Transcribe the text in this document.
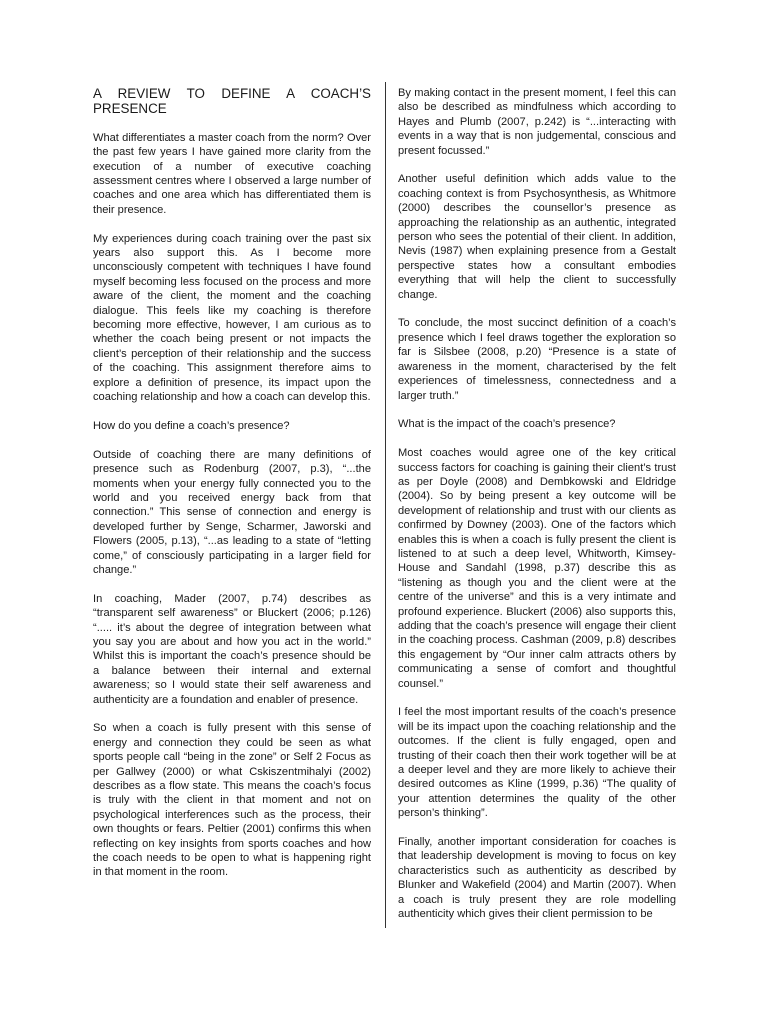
A REVIEW TO DEFINE A COACH’S
PRESENCE

What differentiates a master coach from the norm? Over the past few years I have gained more clarity from the execution of a number of executive coaching assessment centres where I observed a large number of coaches and one area which has differentiated them is their presence.

My experiences during coach training over the past six years also support this. As I become more unconsciously competent with techniques I have found myself becoming less focused on the process and more aware of the client, the moment and the coaching dialogue. This feels like my coaching is therefore becoming more effective, however, I am curious as to whether the coach being present or not impacts the client’s perception of their relationship and the success of the coaching. This assignment therefore aims to explore a definition of presence, its impact upon the coaching relationship and how a coach can develop this.

How do you define a coach’s presence?

Outside of coaching there are many definitions of presence such as Rodenburg (2007, p.3), “...the moments when your energy fully connected you to the world and you received energy back from that connection.” This sense of connection and energy is developed further by Senge, Scharmer, Jaworski and Flowers (2005, p.13), “...as leading to a state of “letting come,” of consciously participating in a larger field for change.”

In coaching, Mader (2007, p.74) describes as “transparent self awareness” or Bluckert (2006; p.126) “..... it’s about the degree of integration between what you say you are about and how you act in the world.” Whilst this is important the coach’s presence should be a balance between their internal and external awareness; so I would state their self awareness and authenticity are a foundation and enabler of presence.

So when a coach is fully present with this sense of energy and connection they could be seen as what sports people call “being in the zone” or Self 2 Focus as per Gallwey (2000) or what Cskiszentmihalyi (2002) describes as a flow state. This means the coach’s focus is truly with the client in that moment and not on psychological interferences such as the process, their own thoughts or fears. Peltier (2001) confirms this when reflecting on key insights from sports coaches and how the coach needs to be open to what is happening right in that moment in the room.

By making contact in the present moment, I feel this can also be described as mindfulness which according to Hayes and Plumb (2007, p.242) is “...interacting with events in a way that is non judgemental, conscious and present focussed.”

Another useful definition which adds value to the coaching context is from Psychosynthesis, as Whitmore (2000) describes the counsellor’s presence as approaching the relationship as an authentic, integrated person who sees the potential of their client. In addition, Nevis (1987) when explaining presence from a Gestalt perspective states how a consultant embodies everything that will help the client to successfully change.

To conclude, the most succinct definition of a coach’s presence which I feel draws together the exploration so far is Silsbee (2008, p.20) “Presence is a state of awareness in the moment, characterised by the felt experiences of timelessness, connectedness and a larger truth.”

What is the impact of the coach’s presence?

Most coaches would agree one of the key critical success factors for coaching is gaining their client’s trust as per Doyle (2008) and Dembkowski and Eldridge (2004). So by being present a key outcome will be development of relationship and trust with our clients as confirmed by Downey (2003). One of the factors which enables this is when a coach is fully present the client is listened to at such a deep level, Whitworth, Kimsey- House and Sandahl (1998, p.37) describe this as “listening as though you and the client were at the centre of the universe” and this is a very intimate and profound experience. Bluckert (2006) also supports this, adding that the coach’s presence will engage their client in the coaching process. Cashman (2009, p.8) describes this engagement by “Our inner calm attracts others by communicating a sense of comfort and thoughtful counsel.”

I feel the most important results of the coach’s presence will be its impact upon the coaching relationship and the outcomes. If the client is fully engaged, open and trusting of their coach then their work together will be at a deeper level and they are more likely to achieve their desired outcomes as Kline (1999, p.36) “The quality of your attention determines the quality of the other person’s thinking”.

Finally, another important consideration for coaches is that leadership development is moving to focus on key characteristics such as authenticity as described by Blunker and Wakefield (2004) and Martin (2007). When a coach is truly present they are role modelling authenticity which gives their client permission to be
